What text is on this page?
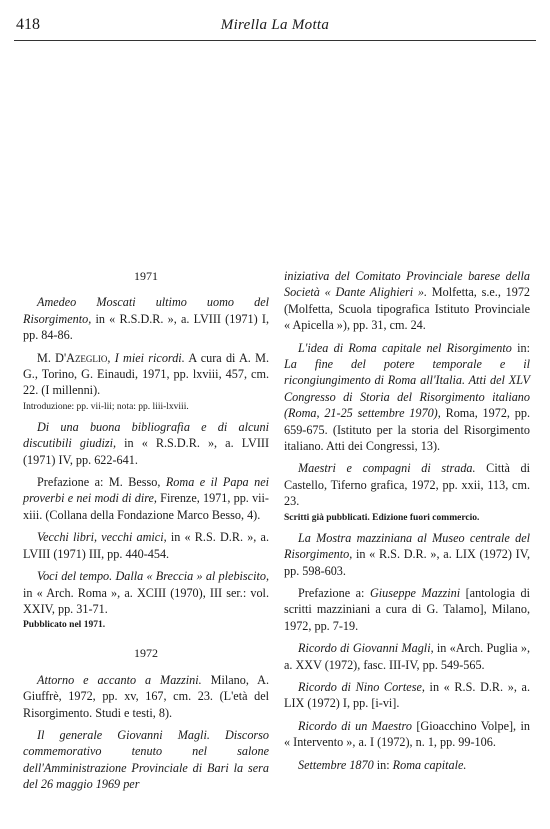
418	Mirella La Motta
1971

Amedeo Moscati ultimo uomo del Risorgimento, in « R.S.D.R. », a. LVIII (1971) I, pp. 84-86.

M. D'Azeglio, I miei ricordi. A cura di A. M. G., Torino, G. Einaudi, 1971, pp. lxviii, 457, cm. 22. (I millenni).

Introduzione: pp. vii-lii; nota: pp. liii-lxviii.

Di una buona bibliografia e di alcuni discutibili giudizi, in « R.S.D.R. », a. LVIII (1971) IV, pp. 622-641.

Prefazione a: M. Besso, Roma e il Papa nei proverbi e nei modi di dire, Firenze, 1971, pp. vii-xiii. (Collana della Fondazione Marco Besso, 4).

Vecchi libri, vecchi amici, in « R.S. D.R. », a. LVIII (1971) III, pp. 440-454.

Voci del tempo. Dalla « Breccia » al plebiscito, in « Arch. Roma », a. XCIII (1970), III ser.: vol. XXIV, pp. 31-71.

Pubblicato nel 1971.

1972

Attorno e accanto a Mazzini. Milano, A. Giuffrè, 1972, pp. xv, 167, cm. 23. (L'età del Risorgimento. Studi e testi, 8).

Il generale Giovanni Magli. Discorso commemorativo tenuto nel salone dell'Amministrazione Provinciale di Bari la sera del 26 maggio 1969 per

iniziativa del Comitato Provinciale barese della Società « Dante Alighieri ». Molfetta, s.e., 1972 (Molfetta, Scuola tipografica Istituto Provinciale « Apicella »), pp. 31, cm. 24.

L'idea di Roma capitale nel Risorgimento in: La fine del potere temporale e il ricongiungimento di Roma all'Italia. Atti del XLV Congresso di Storia del Risorgimento italiano (Roma, 21-25 settembre 1970), Roma, 1972, pp. 659-675. (Istituto per la storia del Risorgimento italiano. Atti dei Congressi, 13).

Maestri e compagni di strada. Città di Castello, Tiferno grafica, 1972, pp. xxii, 113, cm. 23.

Scritti già pubblicati. Edizione fuori commercio.

La Mostra mazziniana al Museo centrale del Risorgimento, in « R.S. D.R. », a. LIX (1972) IV, pp. 598-603.

Prefazione a: Giuseppe Mazzini [antologia di scritti mazziniani a cura di G. Talamo], Milano, 1972, pp. 7-19.

Ricordo di Giovanni Magli, in «Arch. Puglia », a. XXV (1972), fasc. III-IV, pp. 549-565.

Ricordo di Nino Cortese, in « R.S. D.R. », a. LIX (1972) I, pp. [i-vi].

Ricordo di un Maestro [Gioacchino Volpe], in « Intervento », a. I (1972), n. 1, pp. 99-106.

Settembre 1870 in: Roma capitale.
